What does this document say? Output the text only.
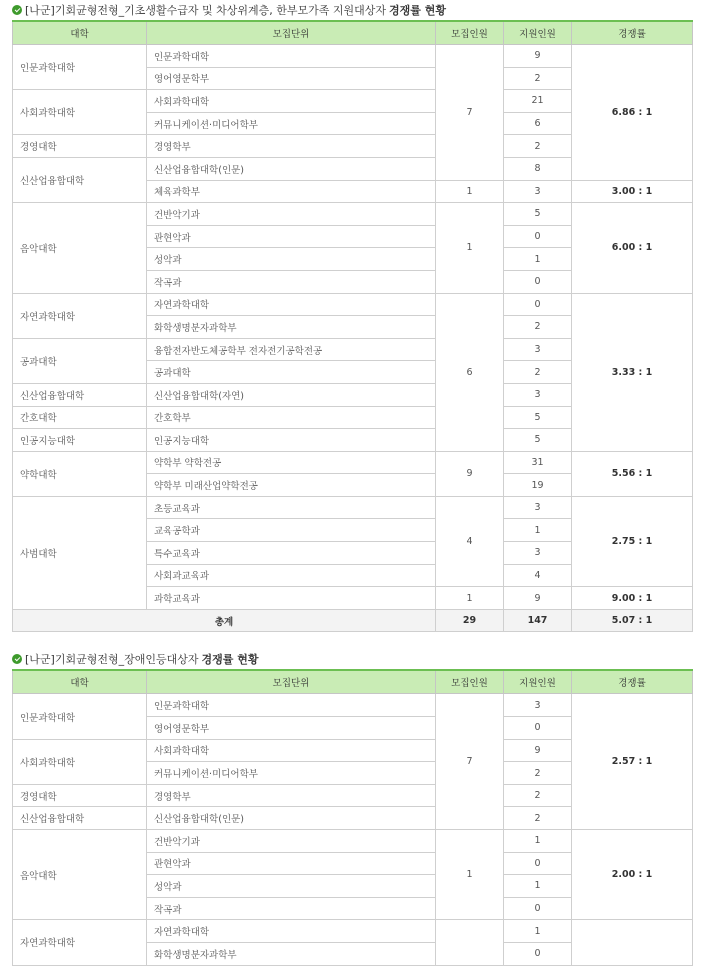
[나군]기회균형전형_기초생활수급자 및 차상위계층, 한부모가족 지원대상자 경쟁률 현황
대학	모집단위	모집인원	지원인원	경쟁률
인문과학대학	인문과학대학	7	9	6.86 : 1
	영어영문학부		2	
사회과학대학	사회과학대학		21	
	커뮤니케이션·미디어학부		6	
경영대학	경영학부		2	
신산업융합대학	신산업융합대학(인문)		8	
	체육과학부	1	3	3.00 : 1
음악대학	건반악기과	1	5	6.00 : 1
	관현악과		0	
	성악과		1	
	작곡과		0	
자연과학대학	자연과학대학	6	0	3.33 : 1
	화학생명분자과학부		2	
공과대학	융합전자반도체공학부 전자전기공학전공		3	
	공과대학		2	
신산업융합대학	신산업융합대학(자연)		3	
간호대학	간호학부		5	
인공지능대학	인공지능대학		5	
약학대학	약학부 약학전공	9	31	5.56 : 1
	약학부 미래산업약학전공		19	
사범대학	초등교육과	4	3	2.75 : 1
	교육공학과		1	
	특수교육과		3	
	사회과교육과		4	
	과학교육과	1	9	9.00 : 1
총계		29	147	5.07 : 1
[나군]기회균형전형_장애인등대상자 경쟁률 현황
대학	모집단위	모집인원	지원인원	경쟁률
인문과학대학	인문과학대학	7	3	2.57 : 1
	영어영문학부		0	
사회과학대학	사회과학대학		9	
	커뮤니케이션·미디어학부		2	
경영대학	경영학부		2	
신산업융합대학	신산업융합대학(인문)		2	
음악대학	건반악기과	1	1	2.00 : 1
	관현악과		0	
	성악과		1	
	작곡과		0	
자연과학대학	자연과학대학		1	
	화학생명분자과학부		0	
